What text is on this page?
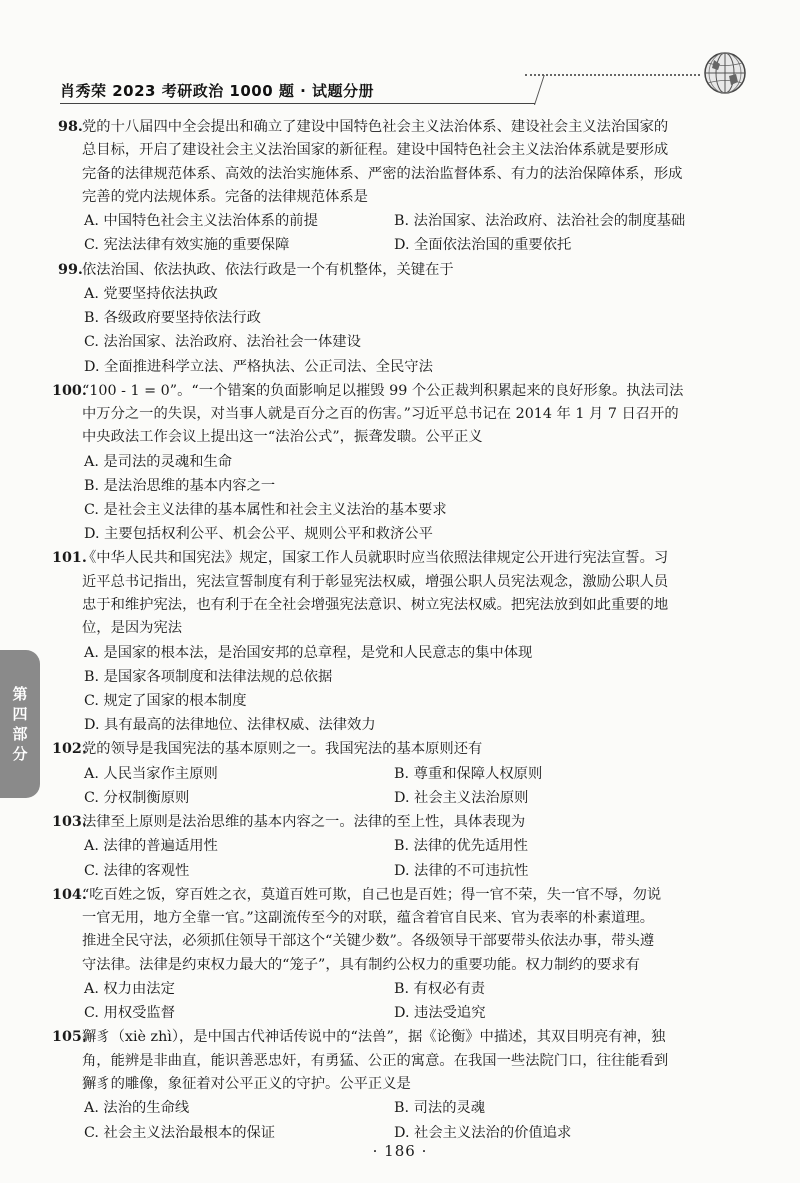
肖秀荣 2023 考研政治 1000 题 · 试题分册
第
四
部
分
98. 党的十八届四中全会提出和确立了建设中国特色社会主义法治体系、建设社会主义法治国家的
总目标，开启了建设社会主义法治国家的新征程。建设中国特色社会主义法治体系就是要形成
完备的法律规范体系、高效的法治实施体系、严密的法治监督体系、有力的法治保障体系，形成
完善的党内法规体系。完备的法律规范体系是
A. 中国特色社会主义法治体系的前提	B. 法治国家、法治政府、法治社会的制度基础
C. 宪法法律有效实施的重要保障	D. 全面依法治国的重要依托
99. 依法治国、依法执政、依法行政是一个有机整体，关键在于
A. 党要坚持依法执政
B. 各级政府要坚持依法行政
C. 法治国家、法治政府、法治社会一体建设
D. 全面推进科学立法、严格执法、公正司法、全民守法
100.
“100 - 1 = 0”。“一个错案的负面影响足以摧毁 99 个公正裁判积累起来的良好形象。执法司法
中万分之一的失误，对当事人就是百分之百的伤害。”习近平总书记在 2014 年 1 月 7 日召开的
中央政法工作会议上提出这一“法治公式”，振聋发聩。公平正义
A. 是司法的灵魂和生命
B. 是法治思维的基本内容之一
C. 是社会主义法律的基本属性和社会主义法治的基本要求
D. 主要包括权利公平、机会公平、规则公平和救济公平
101.
《中华人民共和国宪法》规定，国家工作人员就职时应当依照法律规定公开进行宪法宣誓。习
近平总书记指出，宪法宣誓制度有利于彰显宪法权威，增强公职人员宪法观念，激励公职人员
忠于和维护宪法，也有利于在全社会增强宪法意识、树立宪法权威。把宪法放到如此重要的地
位，是因为宪法
A. 是国家的根本法，是治国安邦的总章程，是党和人民意志的集中体现
B. 是国家各项制度和法律法规的总依据
C. 规定了国家的根本制度
D. 具有最高的法律地位、法律权威、法律效力
102.
党的领导是我国宪法的基本原则之一。我国宪法的基本原则还有
A. 人民当家作主原则	B. 尊重和保障人权原则
C. 分权制衡原则	D. 社会主义法治原则
103.
法律至上原则是法治思维的基本内容之一。法律的至上性，具体表现为
A. 法律的普遍适用性	B. 法律的优先适用性
C. 法律的客观性	D. 法律的不可违抗性
104.
“吃百姓之饭，穿百姓之衣，莫道百姓可欺，自己也是百姓；得一官不荣，失一官不辱，勿说
一官无用，地方全靠一官。”这副流传至今的对联，蕴含着官自民来、官为表率的朴素道理。
推进全民守法，必须抓住领导干部这个“关键少数”。各级领导干部要带头依法办事，带头遵
守法律。法律是约束权力最大的“笼子”，具有制约公权力的重要功能。权力制约的要求有
A. 权力由法定	B. 有权必有责
C. 用权受监督	D. 违法受追究
105.
獬豸（xiè zhì），是中国古代神话传说中的“法兽”，据《论衡》中描述，其双目明亮有神，独
角，能辨是非曲直，能识善恶忠奸，有勇猛、公正的寓意。在我国一些法院门口，往往能看到
獬豸的雕像，象征着对公平正义的守护。公平正义是
A. 法治的生命线	B. 司法的灵魂
C. 社会主义法治最根本的保证	D. 社会主义法治的价值追求
· 186 ·
